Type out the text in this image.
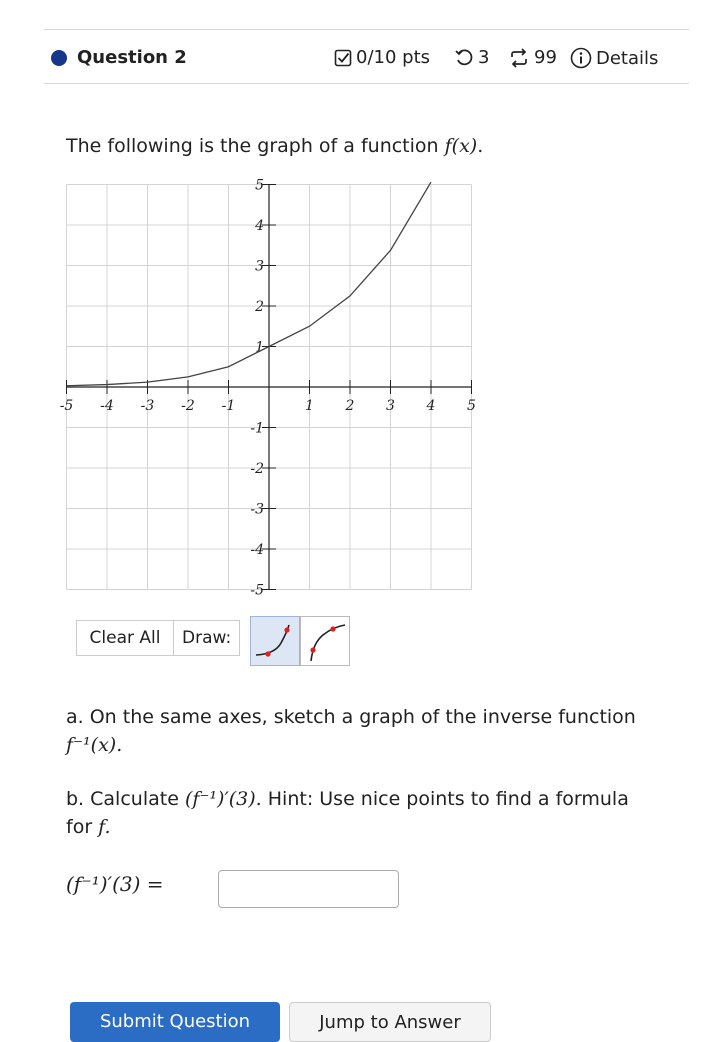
Question 2	0/10 pts	3 99 Details
The following is the graph of a function f(x).
-5 -4 -3 -2 -1	1 2 3 4 5
5
4
3
2
1
-1
-2
-3
-4
-5
Clear All	Draw:
a. On the same axes, sketch a graph of the inverse function
f⁻¹(x).
b. Calculate (f⁻¹)′(3). Hint: Use nice points to find a formula
for f.
(f⁻¹)′(3) =
Submit Question	Jump to Answer
